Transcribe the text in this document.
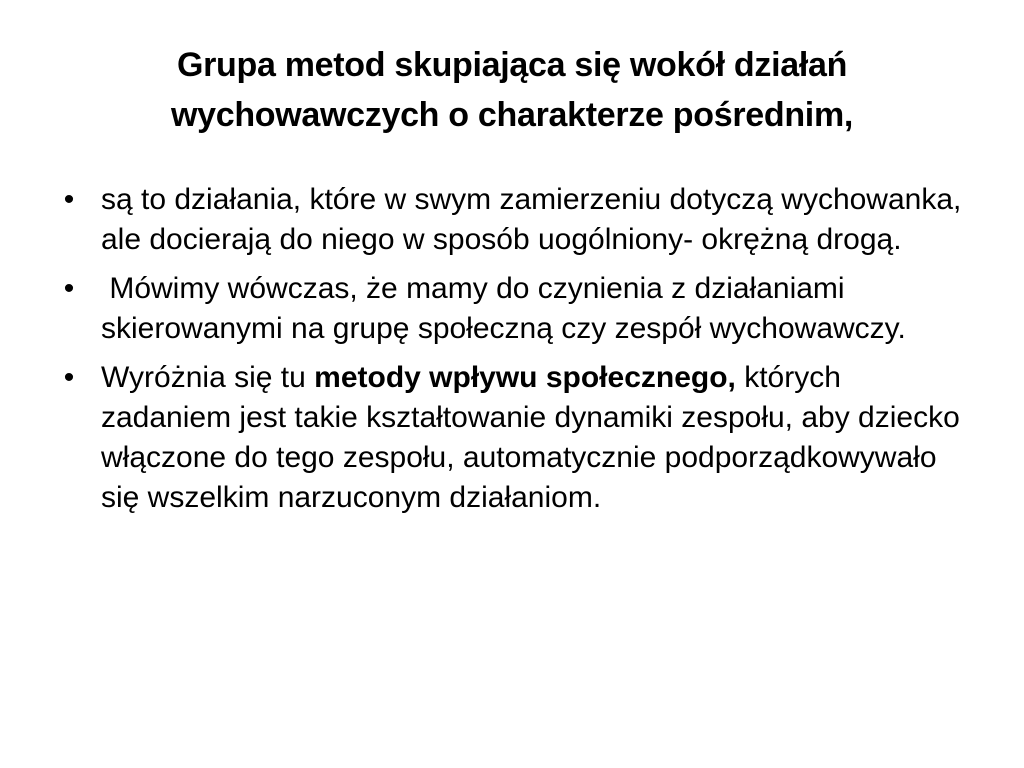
Grupa metod skupiająca się wokół działań
wychowawczych o charakterze pośrednim,
• są to działania, które w swym zamierzeniu dotyczą wychowanka, ale docierają do niego w sposób uogólniony- okrężną drogą.
• Mówimy wówczas, że mamy do czynienia z działaniami skierowanymi na grupę społeczną czy zespół wychowawczy.
• Wyróżnia się tu metody wpływu społecznego, których zadaniem jest takie kształtowanie dynamiki zespołu, aby dziecko włączone do tego zespołu, automatycznie podporządkowywało się wszelkim narzuconym działaniom.
